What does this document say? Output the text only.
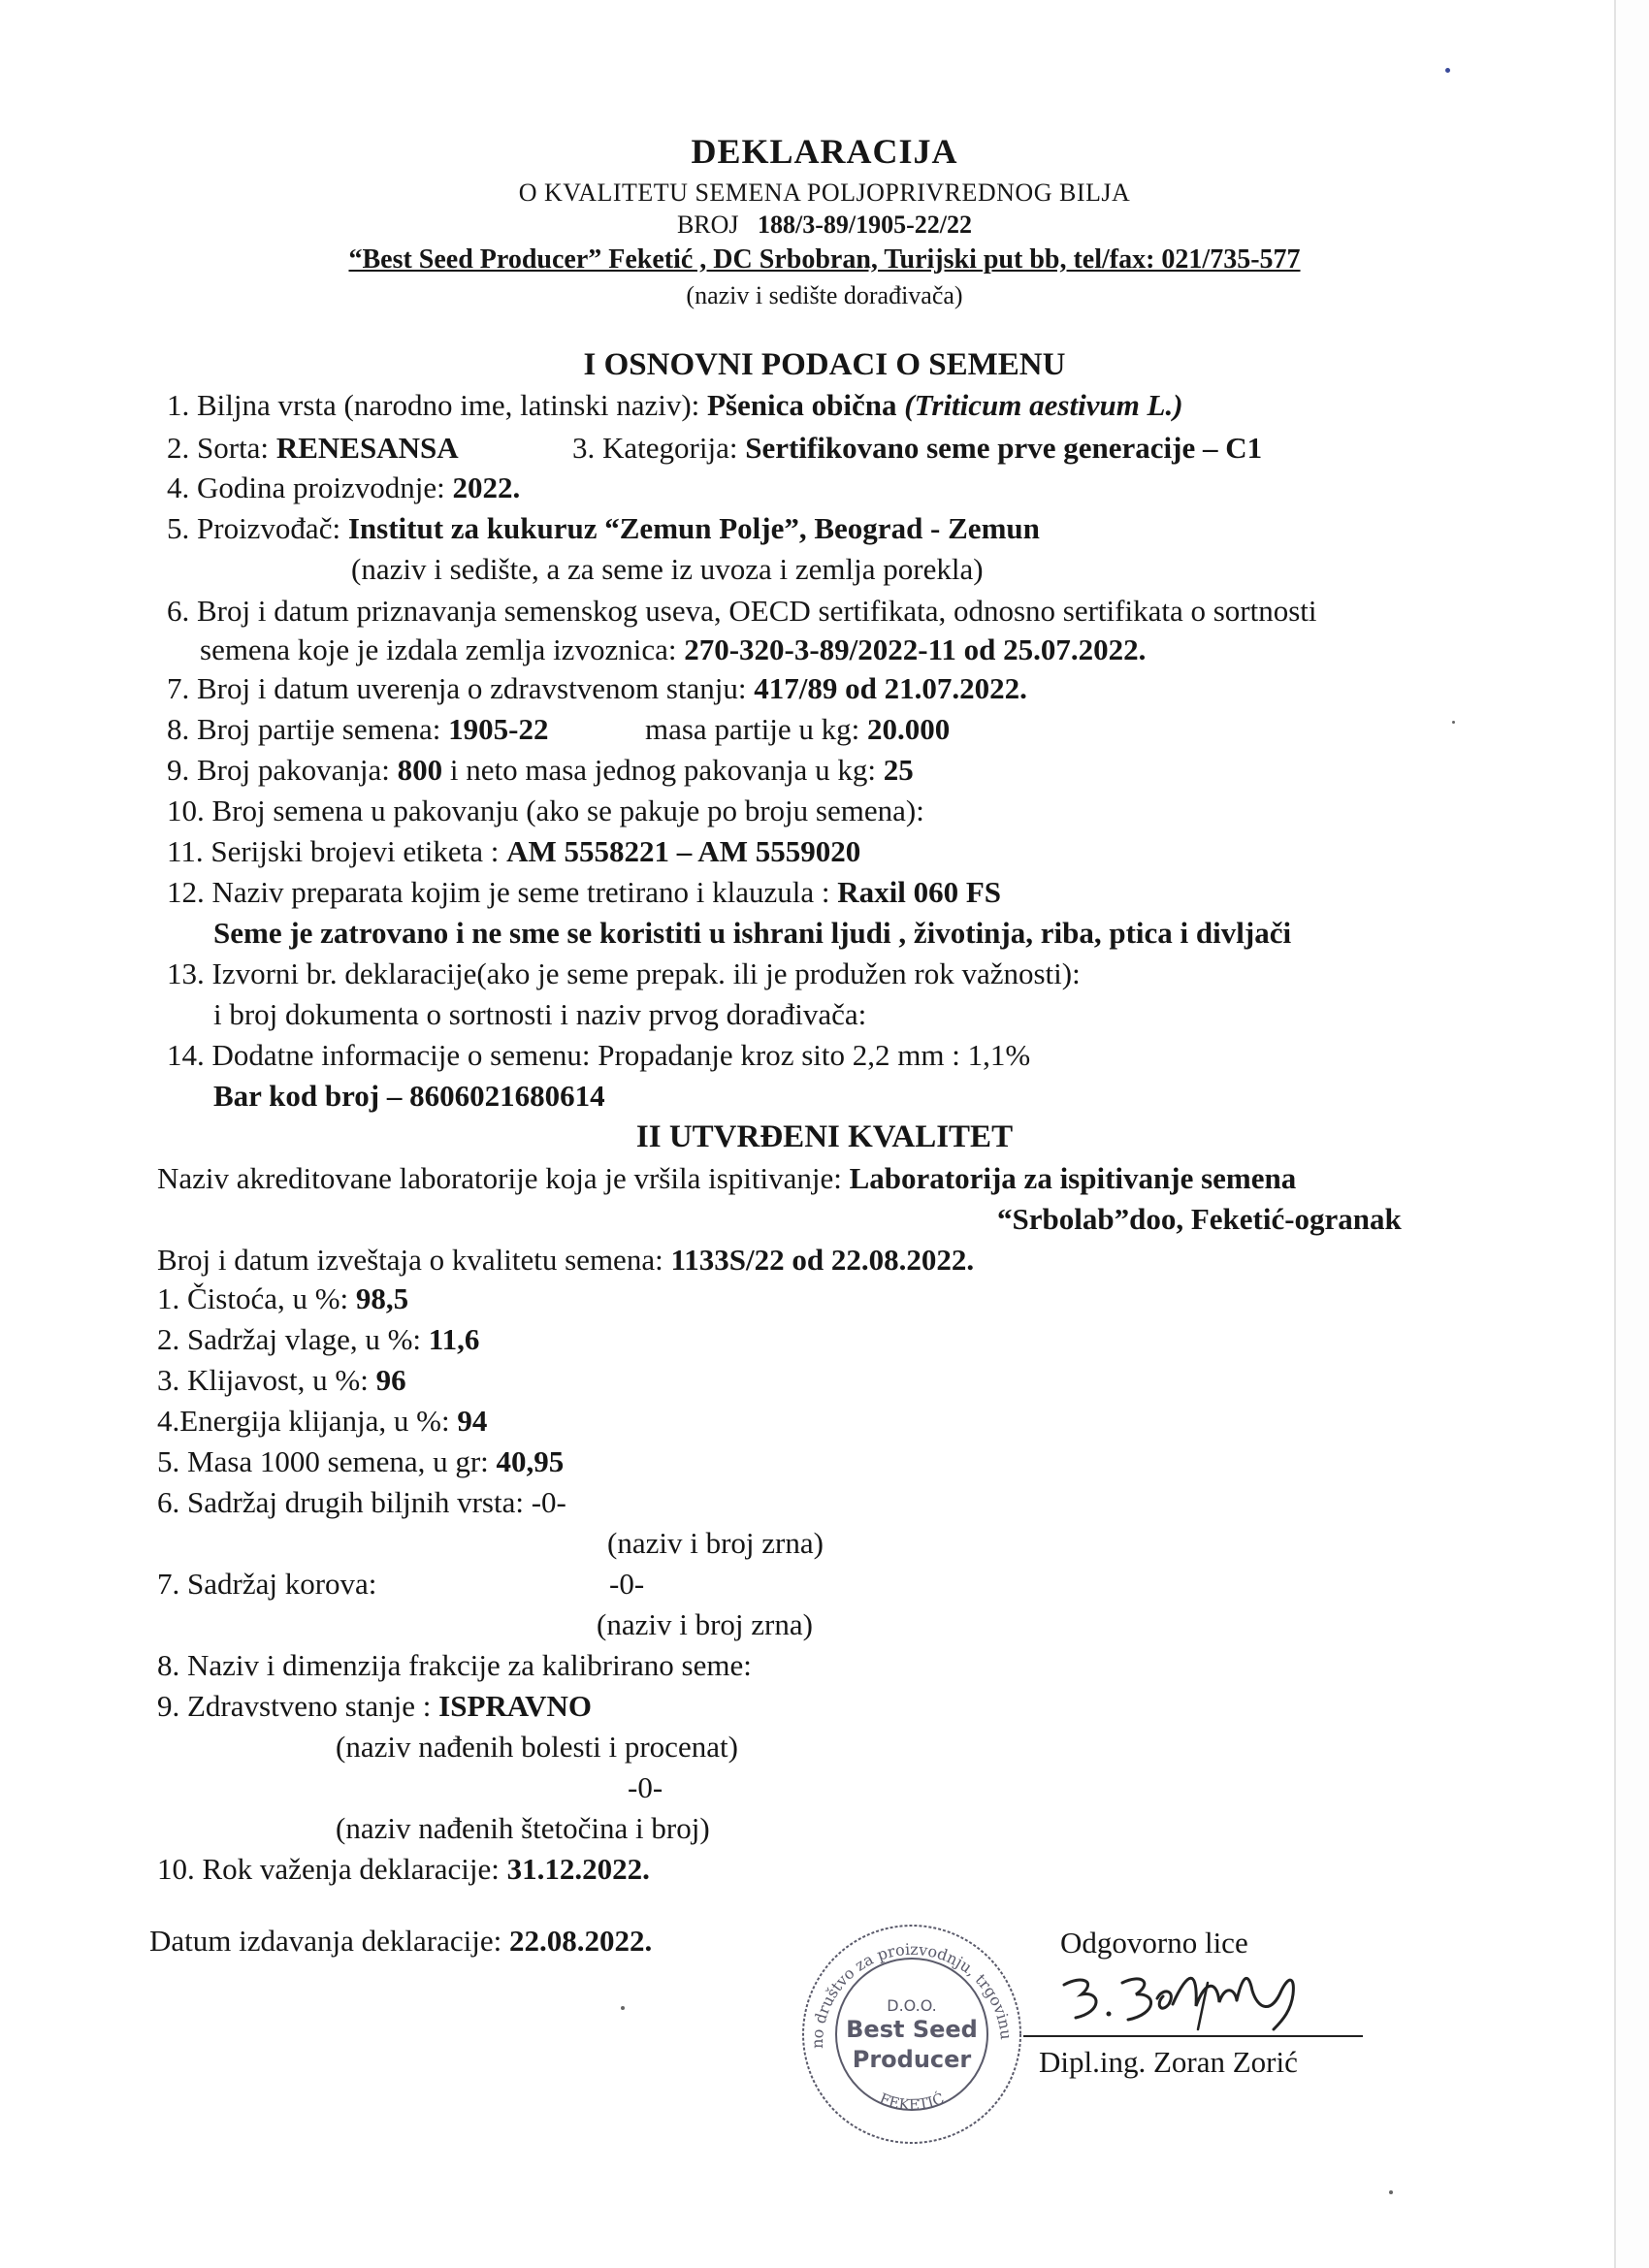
DEKLARACIJA
O KVALITETU SEMENA POLJOPRIVREDNOG BILJA
BROJ 188/3-89/1905-22/22
“Best Seed Producer” Feketić , DC Srbobran, Turijski put bb, tel/fax: 021/735-577
(naziv i sedište dorađivača)
I OSNOVNI PODACI O SEMENU
1. Biljna vrsta (narodno ime, latinski naziv): Pšenica obična (Triticum aestivum L.)
2. Sorta: RENESANSA	3. Kategorija: Sertifikovano seme prve generacije – C1
4. Godina proizvodnje: 2022.
5. Proizvođač: Institut za kukuruz “Zemun Polje”, Beograd - Zemun
(naziv i sedište, a za seme iz uvoza i zemlja porekla)
6. Broj i datum priznavanja semenskog useva, OECD sertifikata, odnosno sertifikata o sortnosti
semena koje je izdala zemlja izvoznica: 270-320-3-89/2022-11 od 25.07.2022.
7. Broj i datum uverenja o zdravstvenom stanju: 417/89 od 21.07.2022.
8. Broj partije semena: 1905-22	masa partije u kg: 20.000
9. Broj pakovanja: 800 i neto masa jednog pakovanja u kg: 25
10. Broj semena u pakovanju (ako se pakuje po broju semena):
11. Serijski brojevi etiketa : AM 5558221 – AM 5559020
12. Naziv preparata kojim je seme tretirano i klauzula : Raxil 060 FS
Seme je zatrovano i ne sme se koristiti u ishrani ljudi , životinja, riba, ptica i divljači
13. Izvorni br. deklaracije(ako je seme prepak. ili je produžen rok važnosti):
i broj dokumenta o sortnosti i naziv prvog dorađivača:
14. Dodatne informacije o semenu: Propadanje kroz sito 2,2 mm : 1,1%
Bar kod broj – 8606021680614
II UTVRĐENI KVALITET
Naziv akreditovane laboratorije koja je vršila ispitivanje: Laboratorija za ispitivanje semena
“Srbolab”doo, Feketić-ogranak
Broj i datum izveštaja o kvalitetu semena: 1133S/22 od 22.08.2022.
1. Čistoća, u %: 98,5
2. Sadržaj vlage, u %: 11,6
3. Klijavost, u %: 96
4.Energija klijanja, u %: 94
5. Masa 1000 semena, u gr: 40,95
6. Sadržaj drugih biljnih vrsta: -0-
(naziv i broj zrna)
7. Sadržaj korova:	-0-
(naziv i broj zrna)
8. Naziv i dimenzija frakcije za kalibrirano seme:
9. Zdravstveno stanje : ISPRAVNO
(naziv nađenih bolesti i procenat)
-0-
(naziv nađenih štetočina i broj)
10. Rok važenja deklaracije: 31.12.2022.
Datum izdavanja deklaracije: 22.08.2022.	Odgovorno lice
no društvo za proizvodnju, trgovinu
FEKETIĆ
D.O.O.
Best Seed
Producer Dipl.ing. Zoran Zorić
